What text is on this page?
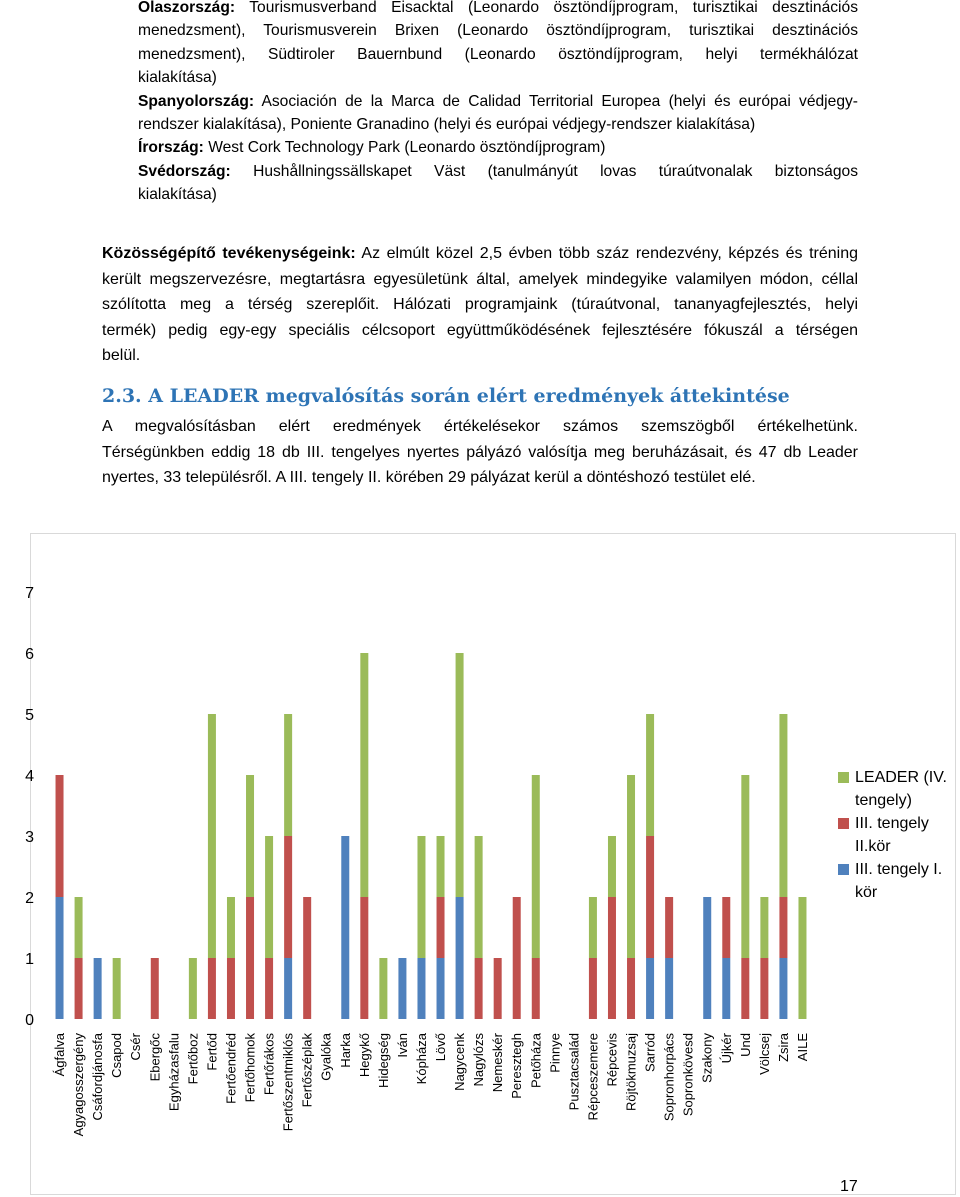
Olaszország: Tourismusverband Eisacktal (Leonardo ösztöndíjprogram, turisztikai desztinációs
menedzsment), Tourismusverein Brixen (Leonardo ösztöndíjprogram, turisztikai desztinációs
menedzsment), Südtiroler Bauernbund (Leonardo ösztöndíjprogram, helyi termékhálózat
kialakítása)
Spanyolország: Asociación de la Marca de Calidad Territorial Europea (helyi és európai védjegy-
rendszer kialakítása), Poniente Granadino (helyi és európai védjegy-rendszer kialakítása)
Írország: West Cork Technology Park (Leonardo ösztöndíjprogram)
Svédország: Hushållningssällskapet Väst (tanulmányút lovas túraútvonalak biztonságos
kialakítása)
Közösségépítő tevékenységeink: Az elmúlt közel 2,5 évben több száz rendezvény, képzés és tréning
került megszervezésre, megtartásra egyesületünk által, amelyek mindegyike valamilyen módon, céllal
szólította meg a térség szereplőit. Hálózati programjaink (túraútvonal, tananyagfejlesztés, helyi
termék) pedig egy-egy speciális célcsoport együttműködésének fejlesztésére fókuszál a térségen
belül.
2.3. A LEADER megvalósítás során elért eredmények áttekintése
A megvalósításban elért eredmények értékelésekor számos szemszögből értékelhetünk.
Térségünkben eddig 18 db III. tengelyes nyertes pályázó valósítja meg beruházásait, és 47 db Leader
nyertes, 33 településről. A III. tengely II. körében 29 pályázat kerül a döntéshozó testület elé.
0
1
2
3
4
5
6
7
Ágfalva Agyagosszergény Csáfordjánosfa Csapod Csér Ebergőc Egyházasfalu Fertőboz Fertőd Fertőendréd Fertőhomok Fertőrákos Fertőszentmiklós Fertőszéplak Gyalóka Harka Hegykő Hidegség Iván Kópháza Lövő Nagycenk Nagylózs Nemeskér Peresztegh Petőháza Pinnye Pusztacsalád Répceszemere Répcevis Röjtökmuzsaj Sarród Sopronhorpács Sopronkövesd Szakony Újkér Und Völcsej Zsira AILE
LEADER (IV. tengely)
III. tengely II.kör
III. tengely I. kör
17
